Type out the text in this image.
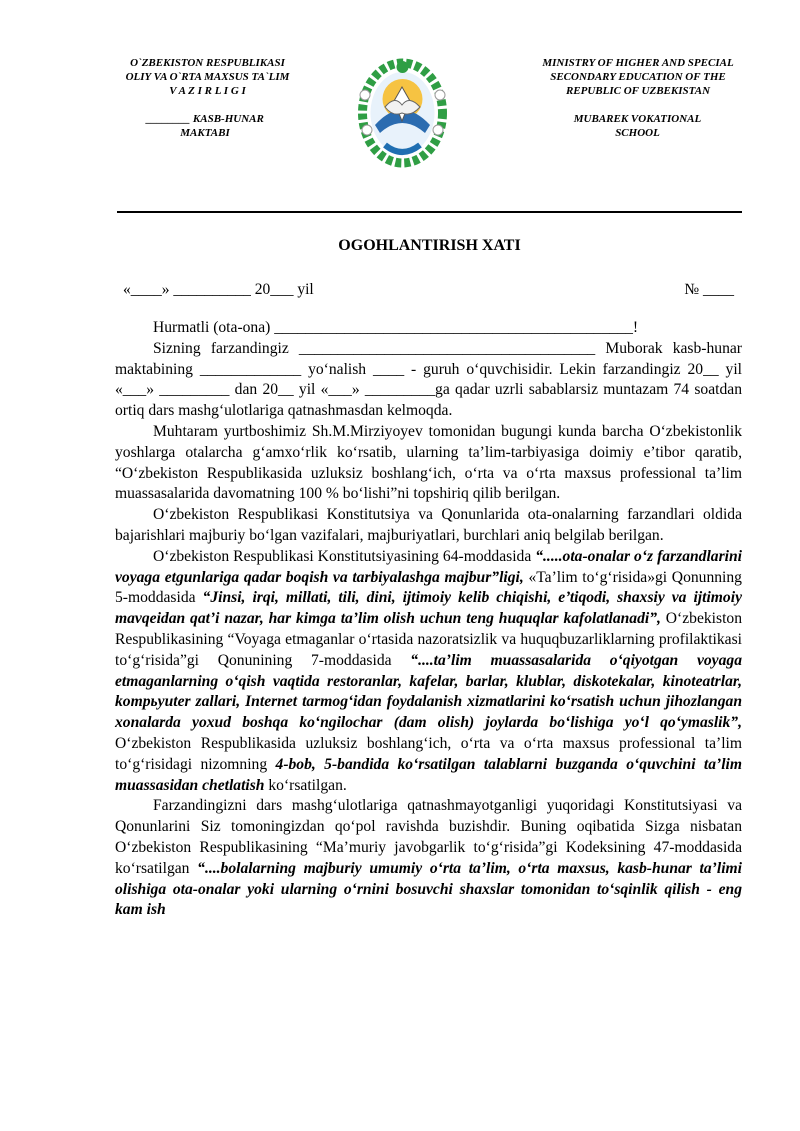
O`ZBEKISTON RESPUBLIKASI
OLIY VA O`RTA MAXSUS TA`LIM
V A Z I R L I G I
________ KASB-HUNAR
MAKTABI
MINISTRY OF HIGHER AND SPECIAL
SECONDARY EDUCATION OF THE
REPUBLIC OF UZBEKISTAN
MUBAREK VOKATIONAL
SCHOOL
OGOHLANTIRISH XATI
«____» __________ 20___ yil	№ ____

Hurmatli (ota-ona) ______________________________________________!

Sizning farzandingiz ______________________________________ Muborak kasb-hunar maktabining _____________ yo‘nalish ____ - guruh o‘quvchisidir. Lekin farzandingiz 20__ yil «___» _________ dan 20__ yil «___» _________ga qadar uzrli sabablarsiz muntazam 74 soatdan ortiq dars mashg‘ulotlariga qatnashmasdan kelmoqda.

Muhtaram yurtboshimiz Sh.M.Mirziyoyev tomonidan bugungi kunda barcha O‘zbekistonlik yoshlarga otalarcha g‘amxo‘rlik ko‘rsatib, ularning ta’lim-tarbiyasiga doimiy e’tibor qaratib, “O‘zbekiston Respublikasida uzluksiz boshlang‘ich, o‘rta va o‘rta maxsus professional ta’lim muassasalarida davomatning 100 % bo‘lishi”ni topshiriq qilib berilgan.

O‘zbekiston Respublikasi Konstitutsiya va Qonunlarida ota-onalarning farzandlari oldida bajarishlari majburiy bo‘lgan vazifalari, majburiyatlari, burchlari aniq belgilab berilgan.

O‘zbekiston Respublikasi Konstitutsiyasining 64-moddasida “.....ota-onalar o‘z farzandlarini voyaga etgunlariga qadar boqish va tarbiyalashga majbur”ligi, «Ta’lim to‘g‘risida»gi Qonunning 5-moddasida “Jinsi, irqi, millati, tili, dini, ijtimoiy kelib chiqishi, e’tiqodi, shaxsiy va ijtimoiy mavqeidan qat’i nazar, har kimga ta’lim olish uchun teng huquqlar kafolatlanadi”, O‘zbekiston Respublikasining “Voyaga etmaganlar o‘rtasida nazoratsizlik va huquqbuzarliklarning profilaktikasi to‘g‘risida”gi Qonunining 7-moddasida “....ta’lim muassasalarida o‘qiyotgan voyaga etmaganlarning o‘qish vaqtida restoranlar, kafelar, barlar, klublar, diskotekalar, kinoteatrlar, kompьyuter zallari, Internet tarmog‘idan foydalanish xizmatlarini ko‘rsatish uchun jihozlangan xonalarda yoxud boshqa ko‘ngilochar (dam olish) joylarda bo‘lishiga yo‘l qo‘ymaslik”, O‘zbekiston Respublikasida uzluksiz boshlang‘ich, o‘rta va o‘rta maxsus professional ta’lim to‘g‘risidagi nizomning 4-bob, 5-bandida ko‘rsatilgan talablarni buzganda o‘quvchini ta’lim muassasidan chetlatish ko‘rsatilgan.

Farzandingizni dars mashg‘ulotlariga qatnashmayotganligi yuqoridagi Konstitutsiyasi va Qonunlarini Siz tomoningizdan qo‘pol ravishda buzishdir. Buning oqibatida Sizga nisbatan O‘zbekiston Respublikasining “Ma’muriy javobgarlik to‘g‘risida”gi Kodeksining 47-moddasida ko‘rsatilgan “....bolalarning majburiy umumiy o‘rta ta’lim, o‘rta maxsus, kasb-hunar ta’limi olishiga ota-onalar yoki ularning o‘rnini bosuvchi shaxslar tomonidan to‘sqinlik qilish - eng kam ish
